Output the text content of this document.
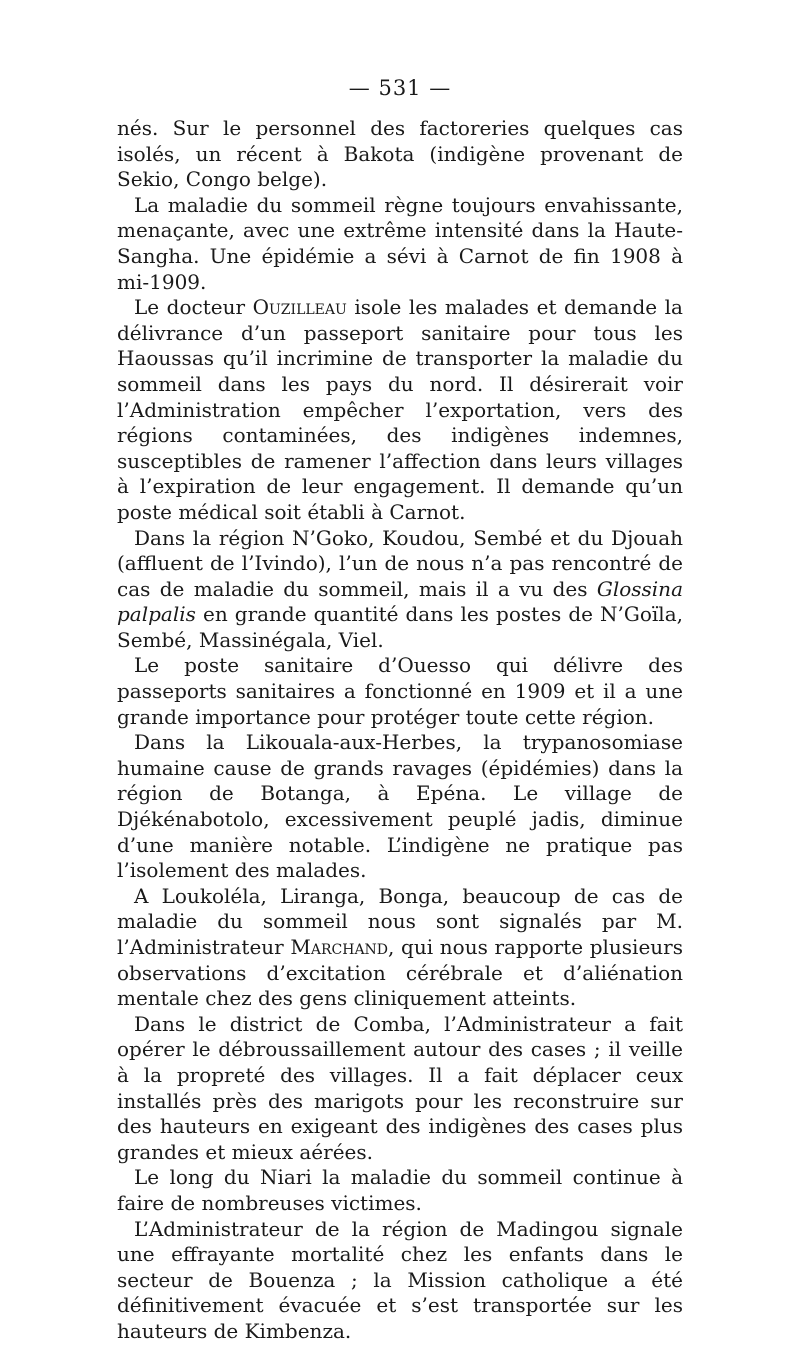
— 531 —

nés. Sur le personnel des factoreries quelques cas isolés, un récent à Bakota (indigène provenant de Sekio, Congo belge).

La maladie du sommeil règne toujours envahissante, menaçante, avec une extrême intensité dans la Haute-Sangha. Une épidémie a sévi à Carnot de fin 1908 à mi-1909.

Le docteur Ouzilleau isole les malades et demande la délivrance d’un passeport sanitaire pour tous les Haoussas qu’il incrimine de transporter la maladie du sommeil dans les pays du nord. Il désirerait voir l’Administration empêcher l’exportation, vers des régions contaminées, des indigènes indemnes, susceptibles de ramener l’affection dans leurs villages à l’expiration de leur engagement. Il demande qu’un poste médical soit établi à Carnot.

Dans la région N’Goko, Koudou, Sembé et du Djouah (affluent de l’Ivindo), l’un de nous n’a pas rencontré de cas de maladie du sommeil, mais il a vu des Glossina palpalis en grande quantité dans les postes de N’Goïla, Sembé, Massinégala, Viel.

Le poste sanitaire d’Ouesso qui délivre des passeports sanitaires a fonctionné en 1909 et il a une grande importance pour protéger toute cette région.

Dans la Likouala-aux-Herbes, la trypanosomiase humaine cause de grands ravages (épidémies) dans la région de Botanga, à Epéna. Le village de Djékénabotolo, excessivement peuplé jadis, diminue d’une manière notable. L’indigène ne pratique pas l’isolement des malades.

A Loukoléla, Liranga, Bonga, beaucoup de cas de maladie du sommeil nous sont signalés par M. l’Administrateur Marchand, qui nous rapporte plusieurs observations d’excitation cérébrale et d’aliénation mentale chez des gens cliniquement atteints.

Dans le district de Comba, l’Administrateur a fait opérer le débroussaillement autour des cases ; il veille à la propreté des villages. Il a fait déplacer ceux installés près des marigots pour les reconstruire sur des hauteurs en exigeant des indigènes des cases plus grandes et mieux aérées.

Le long du Niari la maladie du sommeil continue à faire de nombreuses victimes.

L’Administrateur de la région de Madingou signale une effrayante mortalité chez les enfants dans le secteur de Bouenza ; la Mission catholique a été définitivement évacuée et s’est transportée sur les hauteurs de Kimbenza.
